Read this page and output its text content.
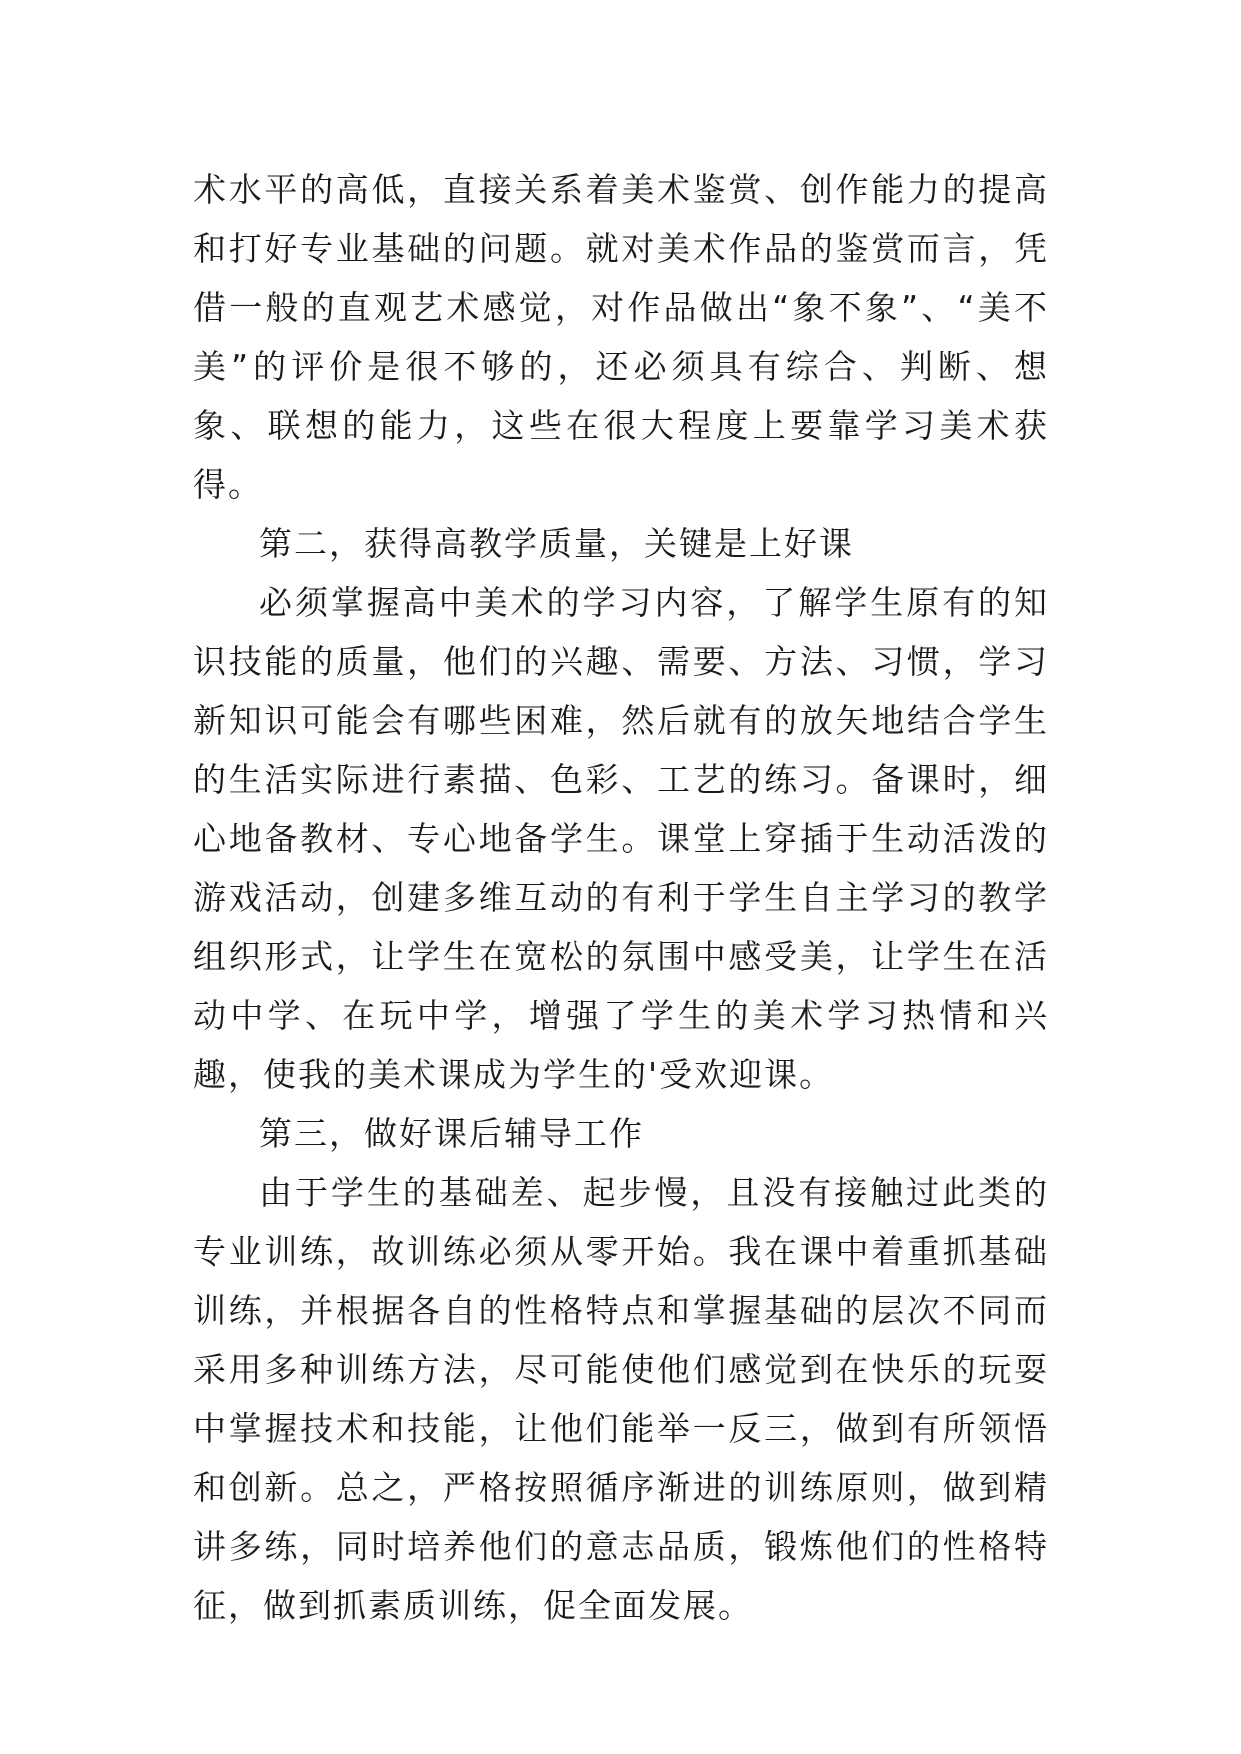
术水平的高低，直接关系着美术鉴赏、创作能力的提高和打好专业基础的问题。就对美术作品的鉴赏而言，凭借一般的直观艺术感觉，对作品做出“象不象”、“美不美”的评价是很不够的，还必须具有综合、判断、想象、联想的能力，这些在很大程度上要靠学习美术获得。

第二，获得高教学质量，关键是上好课

必须掌握高中美术的学习内容，了解学生原有的知识技能的质量，他们的兴趣、需要、方法、习惯，学习新知识可能会有哪些困难，然后就有的放矢地结合学生的生活实际进行素描、色彩、工艺的练习。备课时，细心地备教材、专心地备学生。课堂上穿插于生动活泼的游戏活动，创建多维互动的有利于学生自主学习的教学组织形式，让学生在宽松的氛围中感受美，让学生在活动中学、在玩中学，增强了学生的美术学习热情和兴趣，使我的美术课成为学生的'受欢迎课。

第三，做好课后辅导工作

由于学生的基础差、起步慢，且没有接触过此类的专业训练，故训练必须从零开始。我在课中着重抓基础训练，并根据各自的性格特点和掌握基础的层次不同而采用多种训练方法，尽可能使他们感觉到在快乐的玩耍中掌握技术和技能，让他们能举一反三，做到有所领悟和创新。总之，严格按照循序渐进的训练原则，做到精讲多练，同时培养他们的意志品质，锻炼他们的性格特征，做到抓素质训练，促全面发展。
